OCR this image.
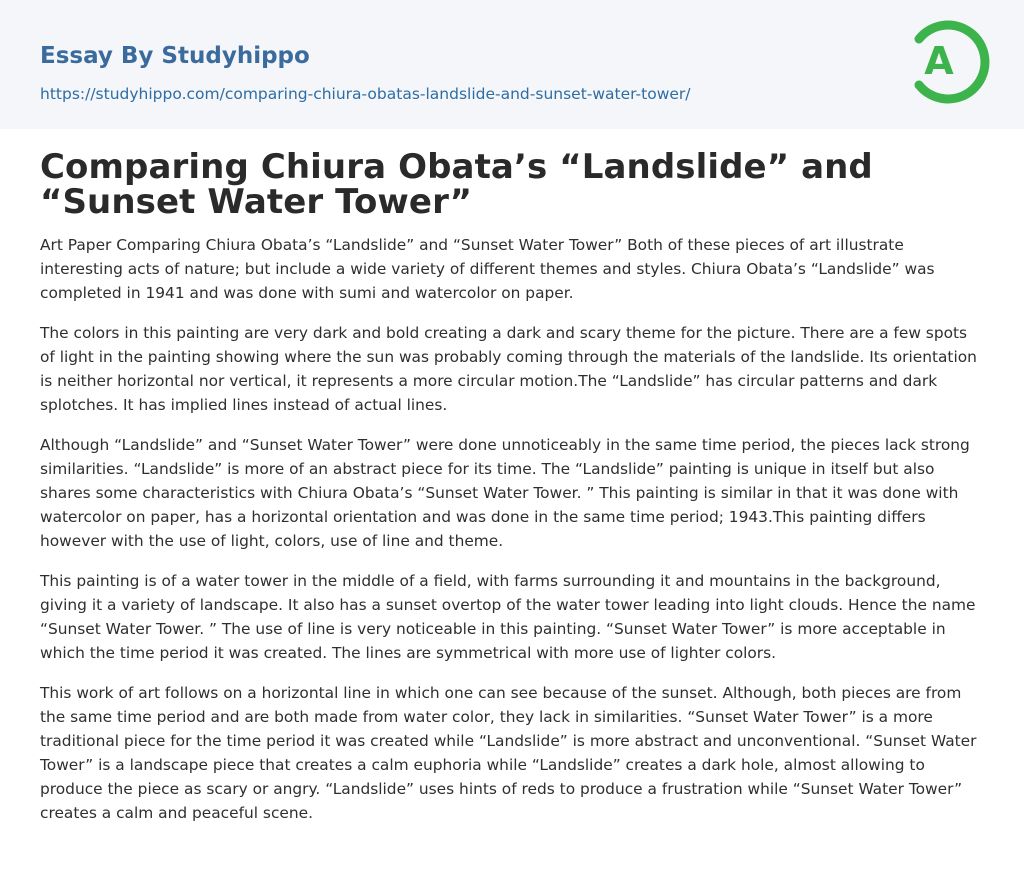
Essay By Studyhippo
https://studyhippo.com/comparing-chiura-obatas-landslide-and-sunset-water-tower/
A
Comparing Chiura Obata’s “Landslide” and “Sunset Water Tower”

Art Paper Comparing Chiura Obata’s “Landslide” and “Sunset Water Tower” Both of these pieces of art illustrate interesting acts of nature; but include a wide variety of different themes and styles. Chiura Obata’s “Landslide” was completed in 1941 and was done with sumi and watercolor on paper.

The colors in this painting are very dark and bold creating a dark and scary theme for the picture. There are a few spots of light in the painting showing where the sun was probably coming through the materials of the landslide. Its orientation is neither horizontal nor vertical, it represents a more circular motion.The “Landslide” has circular patterns and dark splotches. It has implied lines instead of actual lines.

Although “Landslide” and “Sunset Water Tower” were done unnoticeably in the same time period, the pieces lack strong similarities. “Landslide” is more of an abstract piece for its time. The “Landslide” painting is unique in itself but also shares some characteristics with Chiura Obata’s “Sunset Water Tower. ” This painting is similar in that it was done with watercolor on paper, has a horizontal orientation and was done in the same time period; 1943.This painting differs however with the use of light, colors, use of line and theme.

This painting is of a water tower in the middle of a field, with farms surrounding it and mountains in the background, giving it a variety of landscape. It also has a sunset overtop of the water tower leading into light clouds. Hence the name “Sunset Water Tower. ” The use of line is very noticeable in this painting. “Sunset Water Tower” is more acceptable in which the time period it was created. The lines are symmetrical with more use of lighter colors.

This work of art follows on a horizontal line in which one can see because of the sunset. Although, both pieces are from the same time period and are both made from water color, they lack in similarities. “Sunset Water Tower” is a more traditional piece for the time period it was created while “Landslide” is more abstract and unconventional. “Sunset Water Tower” is a landscape piece that creates a calm euphoria while “Landslide” creates a dark hole, almost allowing to produce the piece as scary or angry. “Landslide” uses hints of reds to produce a frustration while “Sunset Water Tower” creates a calm and peaceful scene.
